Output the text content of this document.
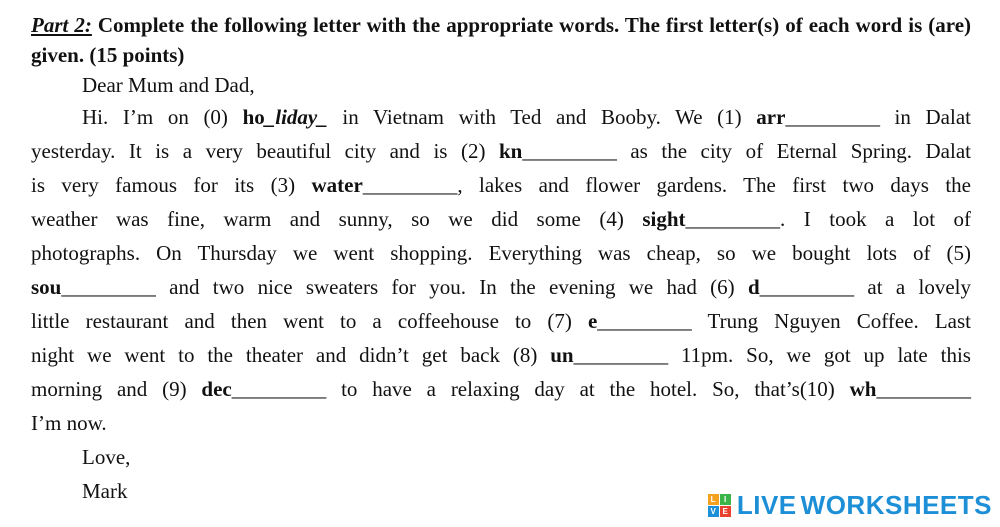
Part 2: Complete the following letter with the appropriate words. The first letter(s) of each word is (are) given. (15 points)

Dear Mum and Dad,
Hi. I’m on (0) ho_liday_ in Vietnam with Ted and Booby. We (1) arr_________ in Dalat
yesterday. It is a very beautiful city and is (2) kn_________ as the city of Eternal Spring. Dalat
is very famous for its (3) water_________, lakes and flower gardens. The first two days the
weather was fine, warm and sunny, so we did some (4) sight_________. I took a lot of
photographs. On Thursday we went shopping. Everything was cheap, so we bought lots of (5)
sou_________ and two nice sweaters for you. In the evening we had (6) d_________ at a lovely
little restaurant and then went to a coffeehouse to (7) e_________ Trung Nguyen Coffee. Last
night we went to the theater and didn’t get back (8) un_________ 11pm. So, we got up late this
morning and (9) dec_________ to have a relaxing day at the hotel. So, that’s(10) wh_________
I’m now.
Love,
Mark	L I
V E LIVE WORKSHEETS
